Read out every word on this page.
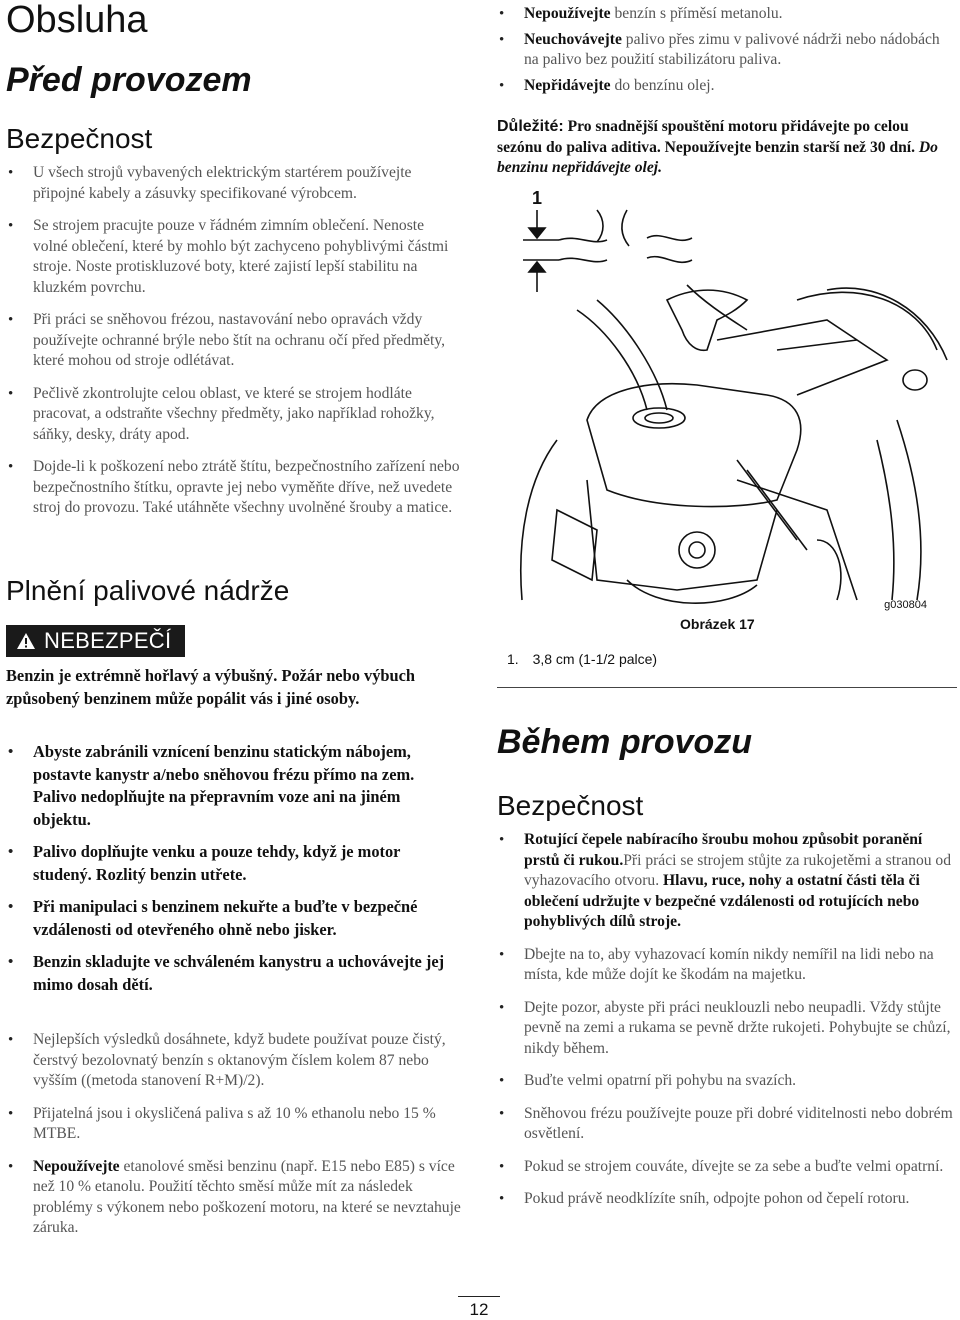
Obsluha
Před provozem
Bezpečnost
• U všech strojů vybavených elektrickým startérem používejte připojné kabely a zásuvky specifikované výrobcem.
• Se strojem pracujte pouze v řádném zimním oblečení. Nenoste volné oblečení, které by mohlo být zachyceno pohyblivými částmi stroje. Noste protiskluzové boty, které zajistí lepší stabilitu na kluzkém povrchu.
• Při práci se sněhovou frézou, nastavování nebo opravách vždy používejte ochranné brýle nebo štít na ochranu očí před předměty, které mohou od stroje odlétávat.
• Pečlivě zkontrolujte celou oblast, ve které se strojem hodláte pracovat, a odstraňte všechny předměty, jako například rohožky, sáňky, desky, dráty apod.
• Dojde-li k poškození nebo ztrátě štítu, bezpečnostního zařízení nebo bezpečnostního štítku, opravte jej nebo vyměňte dříve, než uvedete stroj do provozu. Také utáhněte všechny uvolněné šrouby a matice.
Plnění palivové nádrže
NEBEZPEČÍ

Benzin je extrémně hořlavý a výbušný. Požár nebo výbuch způsobený benzinem může popálit vás i jiné osoby.

• Abyste zabránili vznícení benzinu statickým nábojem, postavte kanystr a/nebo sněhovou frézu přímo na zem. Palivo nedoplňujte na přepravním voze ani na jiném objektu.
• Palivo doplňujte venku a pouze tehdy, když je motor studený. Rozlitý benzin utřete.
• Při manipulaci s benzinem nekuřte a buďte v bezpečné vzdálenosti od otevřeného ohně nebo jisker.
• Benzin skladujte ve schváleném kanystru a uchovávejte jej mimo dosah dětí.
• Nejlepších výsledků dosáhnete, když budete používat pouze čistý, čerstvý bezolovnatý benzín s oktanovým číslem kolem 87 nebo vyšším ((metoda stanovení R+M)/2).
• Přijatelná jsou i okysličená paliva s až 10 % ethanolu nebo 15 % MTBE.
• Nepoužívejte etanolové směsi benzinu (např. E15 nebo E85) s více než 10 % etanolu. Použití těchto směsí může mít za následek problémy s výkonem nebo poškození motoru, na které se nevztahuje záruka.
• Nepoužívejte benzín s příměsí metanolu.
• Neuchovávejte palivo přes zimu v palivové nádrži nebo nádobách na palivo bez použití stabilizátoru paliva.
• Nepřidávejte do benzínu olej.

Důležité: Pro snadnější spouštění motoru přidávejte po celou sezónu do paliva aditiva. Nepoužívejte benzin starší než 30 dní. Do benzinu nepřidávejte olej.

1
g030804
Obrázek 17
1. 3,8 cm (1-1/2 palce)
Během provozu
Bezpečnost
• Rotující čepele nabíracího šroubu mohou způsobit poranění prstů či rukou.Při práci se strojem stůjte za rukojetěmi a stranou od vyhazovacího otvoru. Hlavu, ruce, nohy a ostatní části těla či oblečení udržujte v bezpečné vzdálenosti od rotujících nebo pohyblivých dílů stroje.
• Dbejte na to, aby vyhazovací komín nikdy nemířil na lidi nebo na místa, kde může dojít ke škodám na majetku.
• Dejte pozor, abyste při práci neuklouzli nebo neupadli. Vždy stůjte pevně na zemi a rukama se pevně držte rukojeti. Pohybujte se chůzí, nikdy během.
• Buďte velmi opatrní při pohybu na svazích.
• Sněhovou frézu používejte pouze při dobré viditelnosti nebo dobrém osvětlení.
• Pokud se strojem couváte, dívejte se za sebe a buďte velmi opatrní.
• Pokud právě neodklízíte sníh, odpojte pohon od čepelí rotoru.
12
